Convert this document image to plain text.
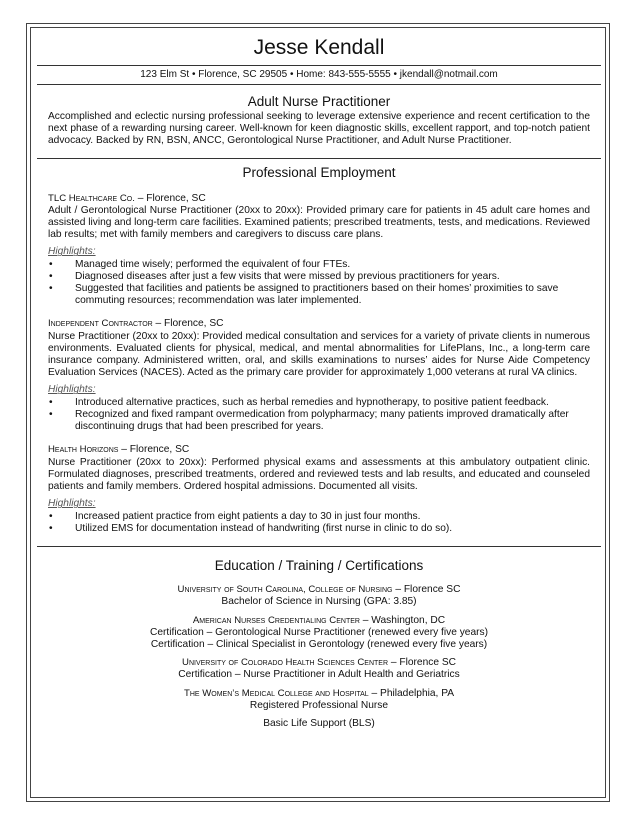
Jesse Kendall
123 Elm St • Florence, SC 29505 • Home: 843-555-5555 • jkendall@notmail.com
Adult Nurse Practitioner

Accomplished and eclectic nursing professional seeking to leverage extensive experience and recent certification to the next phase of a rewarding nursing career. Well-known for keen diagnostic skills, excellent rapport, and top-notch patient advocacy. Backed by RN, BSN, ANCC, Gerontological Nurse Practitioner, and Adult Nurse Practitioner.

Professional Employment
TLC Healthcare Co. – Florence, SC

Adult / Gerontological Nurse Practitioner (20xx to 20xx): Provided primary care for patients in 45 adult care homes and assisted living and long-term care facilities. Examined patients; prescribed treatments, tests, and medications. Reviewed lab results; met with family members and caregivers to discuss care plans.

Highlights:
• Managed time wisely; performed the equivalent of four FTEs.
• Diagnosed diseases after just a few visits that were missed by previous practitioners for years.
• Suggested that facilities and patients be assigned to practitioners based on their homes’ proximities to save commuting resources; recommendation was later implemented.
Independent Contractor – Florence, SC

Nurse Practitioner (20xx to 20xx): Provided medical consultation and services for a variety of private clients in numerous environments. Evaluated clients for physical, medical, and mental abnormalities for LifePlans, Inc., a long-term care insurance company. Administered written, oral, and skills examinations to nurses’ aides for Nurse Aide Competency Evaluation Services (NACES). Acted as the primary care provider for approximately 1,000 veterans at rural VA clinics.

Highlights:
• Introduced alternative practices, such as herbal remedies and hypnotherapy, to positive patient feedback.
• Recognized and fixed rampant overmedication from polypharmacy; many patients improved dramatically after discontinuing drugs that had been prescribed for years.
Health Horizons – Florence, SC

Nurse Practitioner (20xx to 20xx): Performed physical exams and assessments at this ambulatory outpatient clinic. Formulated diagnoses, prescribed treatments, ordered and reviewed tests and lab results, and educated and counseled patients and family members. Ordered hospital admissions. Documented all visits.

Highlights:
• Increased patient practice from eight patients a day to 30 in just four months.
• Utilized EMS for documentation instead of handwriting (first nurse in clinic to do so).
Education / Training / Certifications
University of South Carolina, College of Nursing – Florence SC
Bachelor of Science in Nursing (GPA: 3.85)
American Nurses Credentialing Center – Washington, DC
Certification – Gerontological Nurse Practitioner (renewed every five years)
Certification – Clinical Specialist in Gerontology (renewed every five years)
University of Colorado Health Sciences Center – Florence SC
Certification – Nurse Practitioner in Adult Health and Geriatrics
The Women’s Medical College and Hospital – Philadelphia, PA
Registered Professional Nurse
Basic Life Support (BLS)
